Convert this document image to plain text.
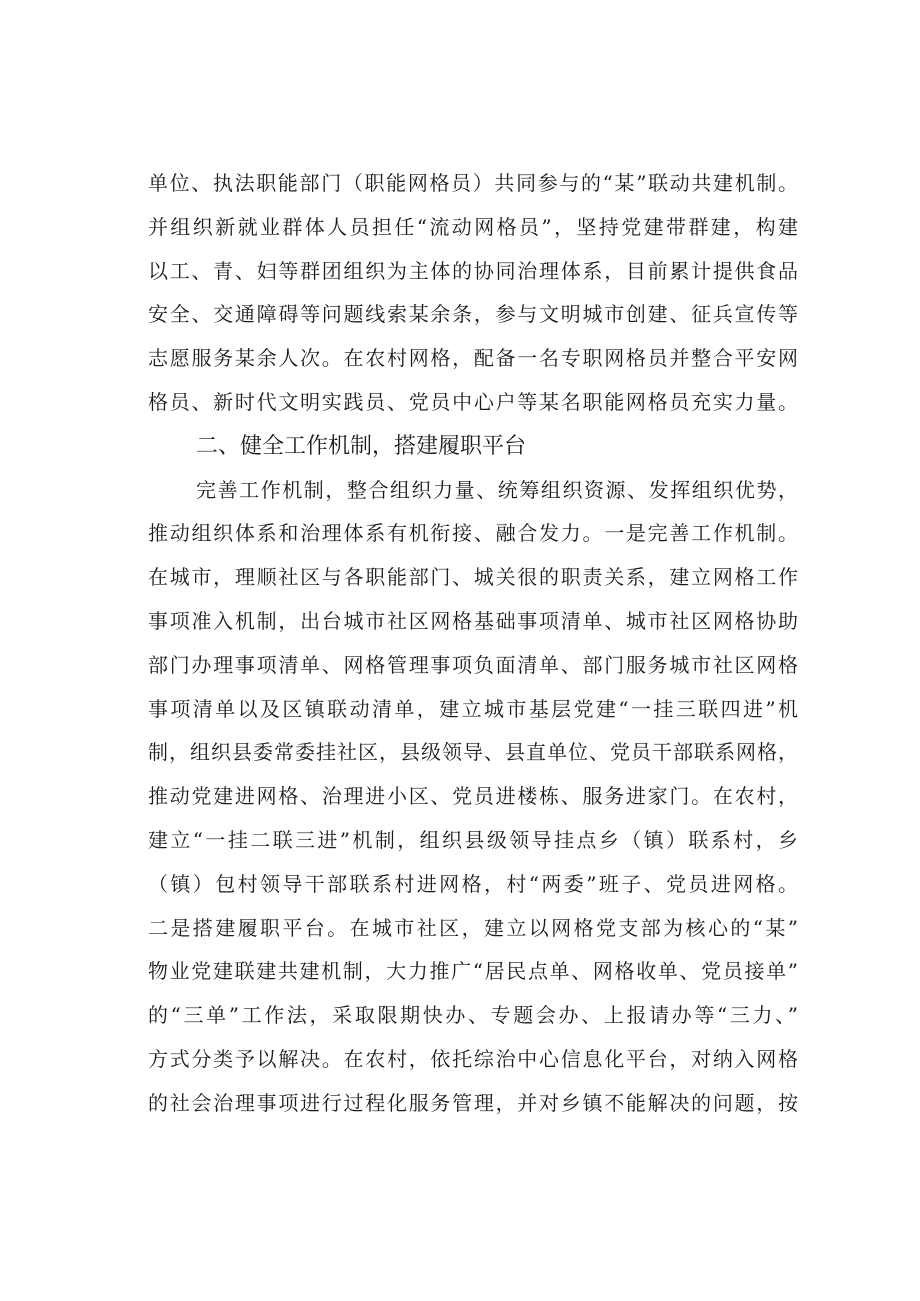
单位、执法职能部门（职能网格员）共同参与的“某”联动共建机制。
并组织新就业群体人员担任“流动网格员”，坚持党建带群建，构建
以工、青、妇等群团组织为主体的协同治理体系，目前累计提供食品
安全、交通障碍等问题线索某余条，参与文明城市创建、征兵宣传等
志愿服务某余人次。在农村网格，配备一名专职网格员并整合平安网
格员、新时代文明实践员、党员中心户等某名职能网格员充实力量。
二、健全工作机制，搭建履职平台
完善工作机制，整合组织力量、统筹组织资源、发挥组织优势，
推动组织体系和治理体系有机衔接、融合发力。一是完善工作机制。
在城市，理顺社区与各职能部门、城关很的职责关系，建立网格工作
事项准入机制，出台城市社区网格基础事项清单、城市社区网格协助
部门办理事项清单、网格管理事项负面清单、部门服务城市社区网格
事项清单以及区镇联动清单，建立城市基层党建“一挂三联四进”机
制，组织县委常委挂社区，县级领导、县直单位、党员干部联系网格，
推动党建进网格、治理进小区、党员进楼栋、服务进家门。在农村，
建立“一挂二联三进”机制，组织县级领导挂点乡（镇）联系村，乡
（镇）包村领导干部联系村进网格，村“两委”班子、党员进网格。
二是搭建履职平台。在城市社区，建立以网格党支部为核心的“某”
物业党建联建共建机制，大力推广“居民点单、网格收单、党员接单”
的“三单”工作法，采取限期快办、专题会办、上报请办等“三力、”
方式分类予以解决。在农村，依托综治中心信息化平台，对纳入网格
的社会治理事项进行过程化服务管理，并对乡镇不能解决的问题，按
